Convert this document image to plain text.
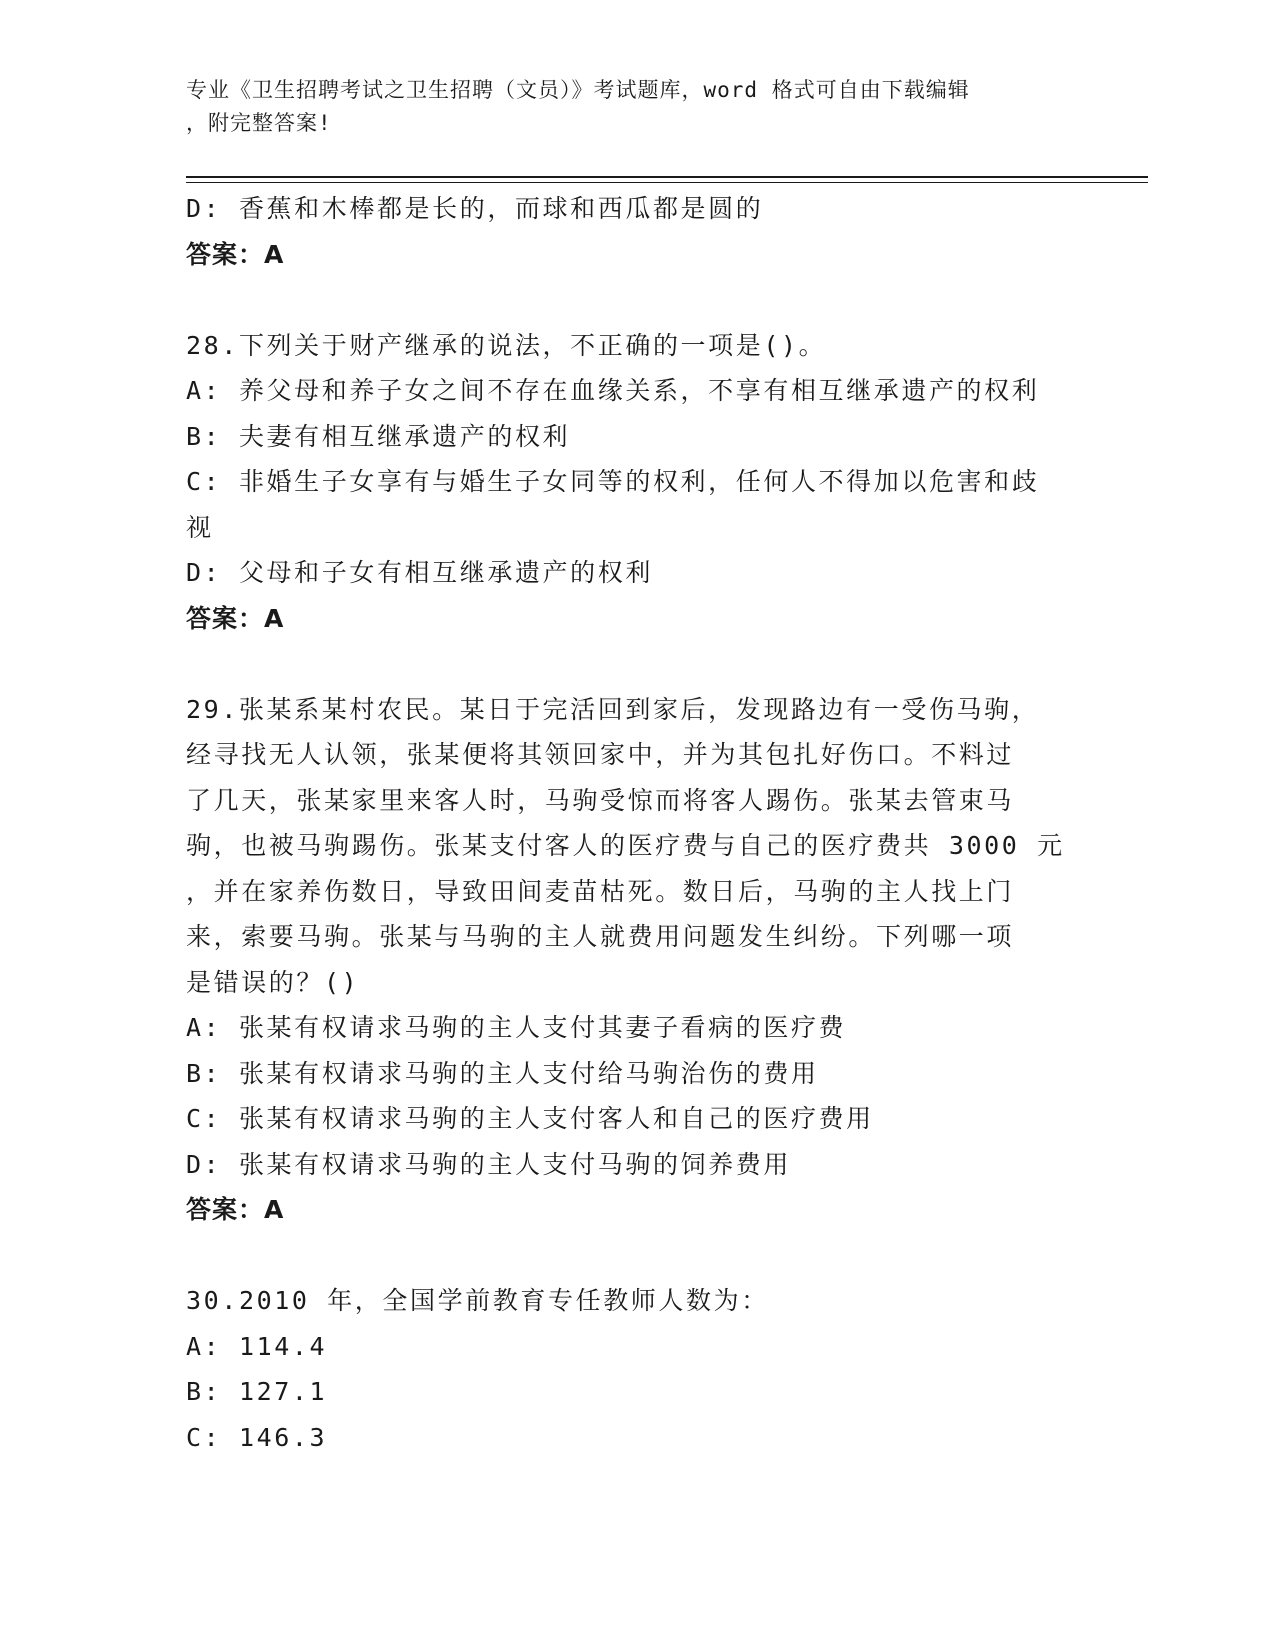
专业《卫生招聘考试之卫生招聘（文员）》考试题库，word 格式可自由下载编辑
，附完整答案!
D: 香蕉和木棒都是长的，而球和西瓜都是圆的
答案：A
28.下列关于财产继承的说法，不正确的一项是()。
A: 养父母和养子女之间不存在血缘关系，不享有相互继承遗产的权利
B: 夫妻有相互继承遗产的权利
C: 非婚生子女享有与婚生子女同等的权利，任何人不得加以危害和歧
视
D: 父母和子女有相互继承遗产的权利
答案：A
29.张某系某村农民。某日于完活回到家后，发现路边有一受伤马驹，
经寻找无人认领，张某便将其领回家中，并为其包扎好伤口。不料过
了几天，张某家里来客人时，马驹受惊而将客人踢伤。张某去管束马
驹，也被马驹踢伤。张某支付客人的医疗费与自己的医疗费共 3000 元
，并在家养伤数日，导致田间麦苗枯死。数日后，马驹的主人找上门
来，索要马驹。张某与马驹的主人就费用问题发生纠纷。下列哪一项
是错误的？()
A: 张某有权请求马驹的主人支付其妻子看病的医疗费
B: 张某有权请求马驹的主人支付给马驹治伤的费用
C: 张某有权请求马驹的主人支付客人和自己的医疗费用
D: 张某有权请求马驹的主人支付马驹的饲养费用
答案：A
30.2010 年，全国学前教育专任教师人数为：
A: 114.4
B: 127.1
C: 146.3
